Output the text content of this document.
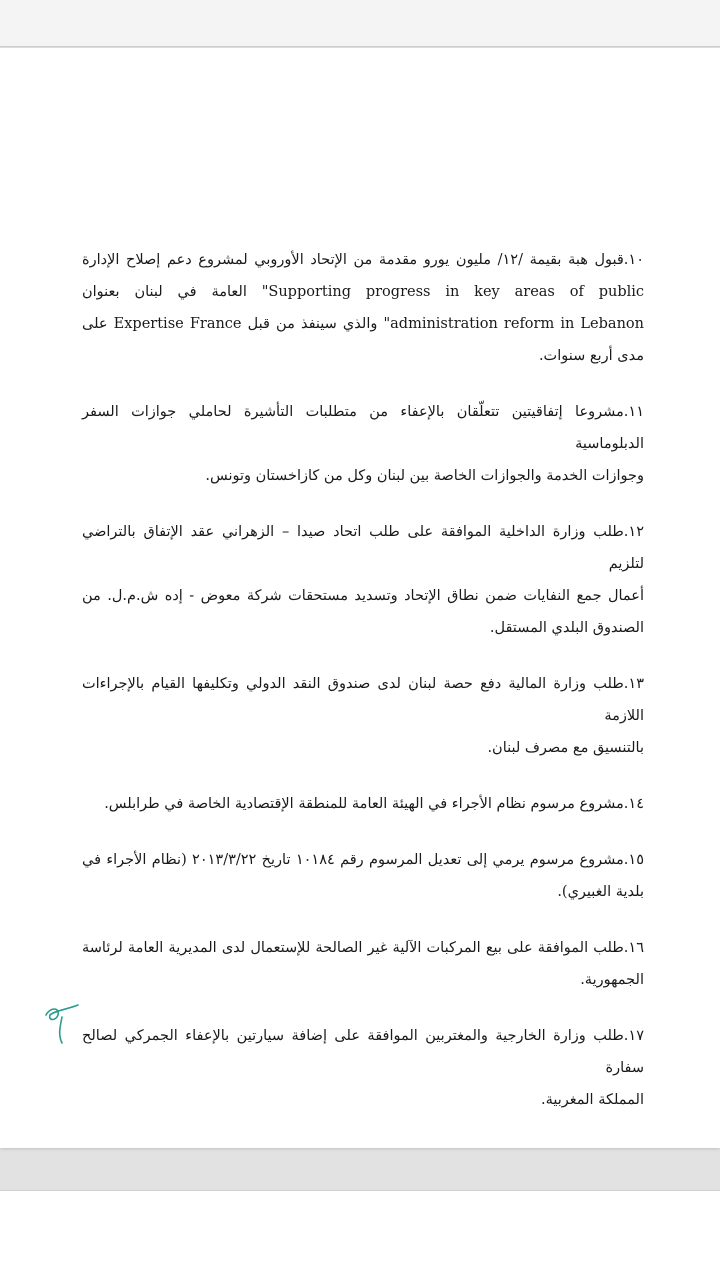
١٠.قبول هبة بقيمة /١٢/ مليون يورو مقدمة من الإتحاد الأوروبي لمشروع دعم إصلاح الإدارة
Supporting progress in key areas of public" العامة في لبنان بعنوان
administration reform in Lebanon" والذي سينفذ من قبل Expertise France على
مدى أربع سنوات.
١١.مشروعا إتفاقيتين تتعلّقان بالإعفاء من متطلبات التأشيرة لحاملي جوازات السفر الدبلوماسية
وجوازات الخدمة والجوازات الخاصة بين لبنان وكل من كازاخستان وتونس.
١٢.طلب وزارة الداخلية الموافقة على طلب اتحاد صيدا – الزهراني عقد الإتفاق بالتراضي لتلزيم
أعمال جمع النفايات ضمن نطاق الإتحاد وتسديد مستحقات شركة معوض - إده ش.م.ل. من
الصندوق البلدي المستقل.
١٣.طلب وزارة المالية دفع حصة لبنان لدى صندوق النقد الدولي وتكليفها القيام بالإجراءات اللازمة
بالتنسيق مع مصرف لبنان.
١٤.مشروع مرسوم نظام الأجراء في الهيئة العامة للمنطقة الإقتصادية الخاصة في طرابلس.
١٥.مشروع مرسوم يرمي إلى تعديل المرسوم رقم ١٠١٨٤ تاريخ ٢٠١٣/٣/٢٢ (نظام الأجراء في
بلدية الغبيري).
١٦.طلب الموافقة على بيع المركبات الآلية غير الصالحة للإستعمال لدى المديرية العامة لرئاسة
الجمهورية.
١٧.طلب وزارة الخارجية والمغتربين الموافقة على إضافة سيارتين بالإعفاء الجمركي لصالح سفارة
المملكة المغربية.
